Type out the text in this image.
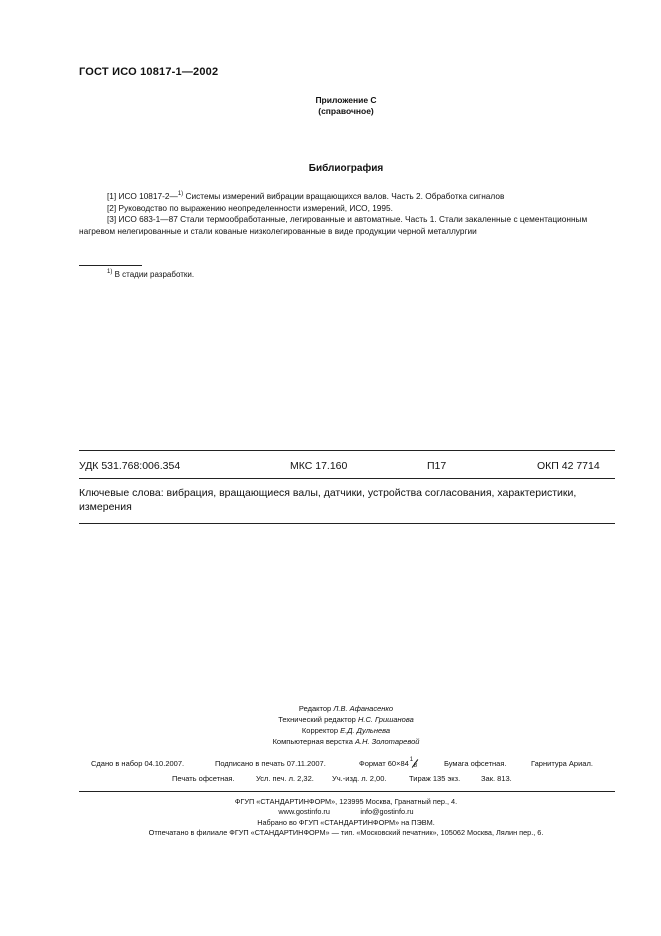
ГОСТ ИСО 10817-1—2002
Приложение С
(справочное)
Библиография
[1] ИСО 10817-2—$^{1)}$ Системы измерений вибрации вращающихся валов. Часть 2. Обработка сигналов
[2] Руководство по выражению неопределенности измерений, ИСО, 1995.
[3] ИСО 683-1—87 Стали термообработанные, легированные и автоматные. Часть 1. Стали закаленные с цементационным нагревом нелегированные и стали кованые низколегированные в виде продукции черной металлургии
$^{1)}$ В стадии разработки.
УДК 531.768:006.354	МКС 17.160	П17	ОКП 42 7714
Ключевые слова: вибрация, вращающиеся валы, датчики, устройства согласования, характеристики, измерения
Редактор Л.В. Афанасенко
Технический редактор Н.С. Гришанова
Корректор Е.Д. Дульнева
Компьютерная верстка А.Н. Золотаревой
Сдано в набор 04.10.2007.	Подписано в печать 07.11.2007.	Формат 60×84 1
8	Бумага офсетная.	Гарнитура Ариал.
Печать офсетная.	Усл. печ. л. 2,32. Уч.-изд. л. 2,00.	Тираж 135 экз.	Зак. 813.
ФГУП «СТАНДАРТИНФОРМ», 123995 Москва, Гранатный пер., 4.
www.gostinfo.ru	info@gostinfo.ru
Набрано во ФГУП «СТАНДАРТИНФОРМ» на ПЭВМ.
Отпечатано в филиале ФГУП «СТАНДАРТИНФОРМ» — тип. «Московский печатник», 105062 Москва, Лялин пер., 6.
